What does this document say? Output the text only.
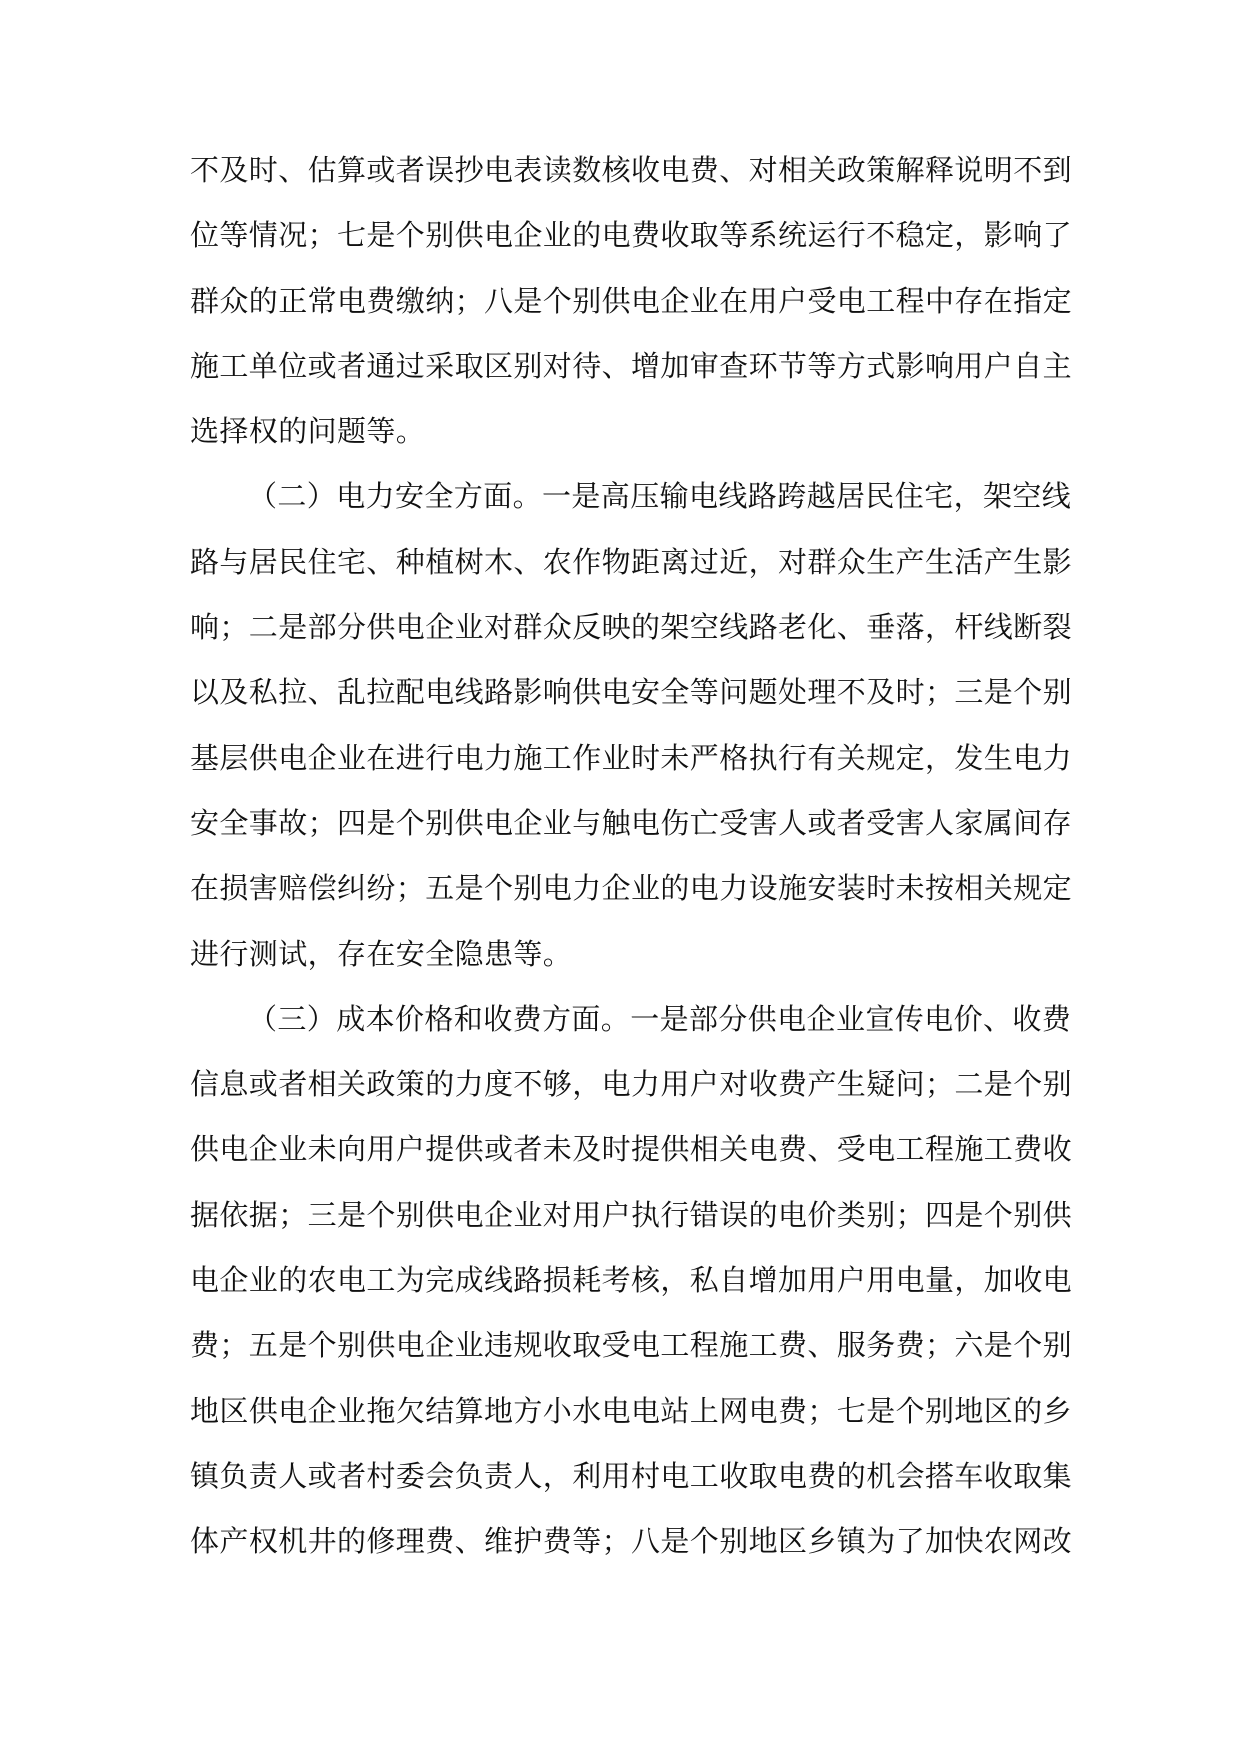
不及时、估算或者误抄电表读数核收电费、对相关政策解释说明不到
位等情况；七是个别供电企业的电费收取等系统运行不稳定，影响了
群众的正常电费缴纳；八是个别供电企业在用户受电工程中存在指定
施工单位或者通过采取区别对待、增加审查环节等方式影响用户自主
选择权的问题等。
（二）电力安全方面。一是高压输电线路跨越居民住宅，架空线
路与居民住宅、种植树木、农作物距离过近，对群众生产生活产生影
响；二是部分供电企业对群众反映的架空线路老化、垂落，杆线断裂
以及私拉、乱拉配电线路影响供电安全等问题处理不及时；三是个别
基层供电企业在进行电力施工作业时未严格执行有关规定，发生电力
安全事故；四是个别供电企业与触电伤亡受害人或者受害人家属间存
在损害赔偿纠纷；五是个别电力企业的电力设施安装时未按相关规定
进行测试，存在安全隐患等。
（三）成本价格和收费方面。一是部分供电企业宣传电价、收费
信息或者相关政策的力度不够，电力用户对收费产生疑问；二是个别
供电企业未向用户提供或者未及时提供相关电费、受电工程施工费收
据依据；三是个别供电企业对用户执行错误的电价类别；四是个别供
电企业的农电工为完成线路损耗考核，私自增加用户用电量，加收电
费；五是个别供电企业违规收取受电工程施工费、服务费；六是个别
地区供电企业拖欠结算地方小水电电站上网电费；七是个别地区的乡
镇负责人或者村委会负责人，利用村电工收取电费的机会搭车收取集
体产权机井的修理费、维护费等；八是个别地区乡镇为了加快农网改
